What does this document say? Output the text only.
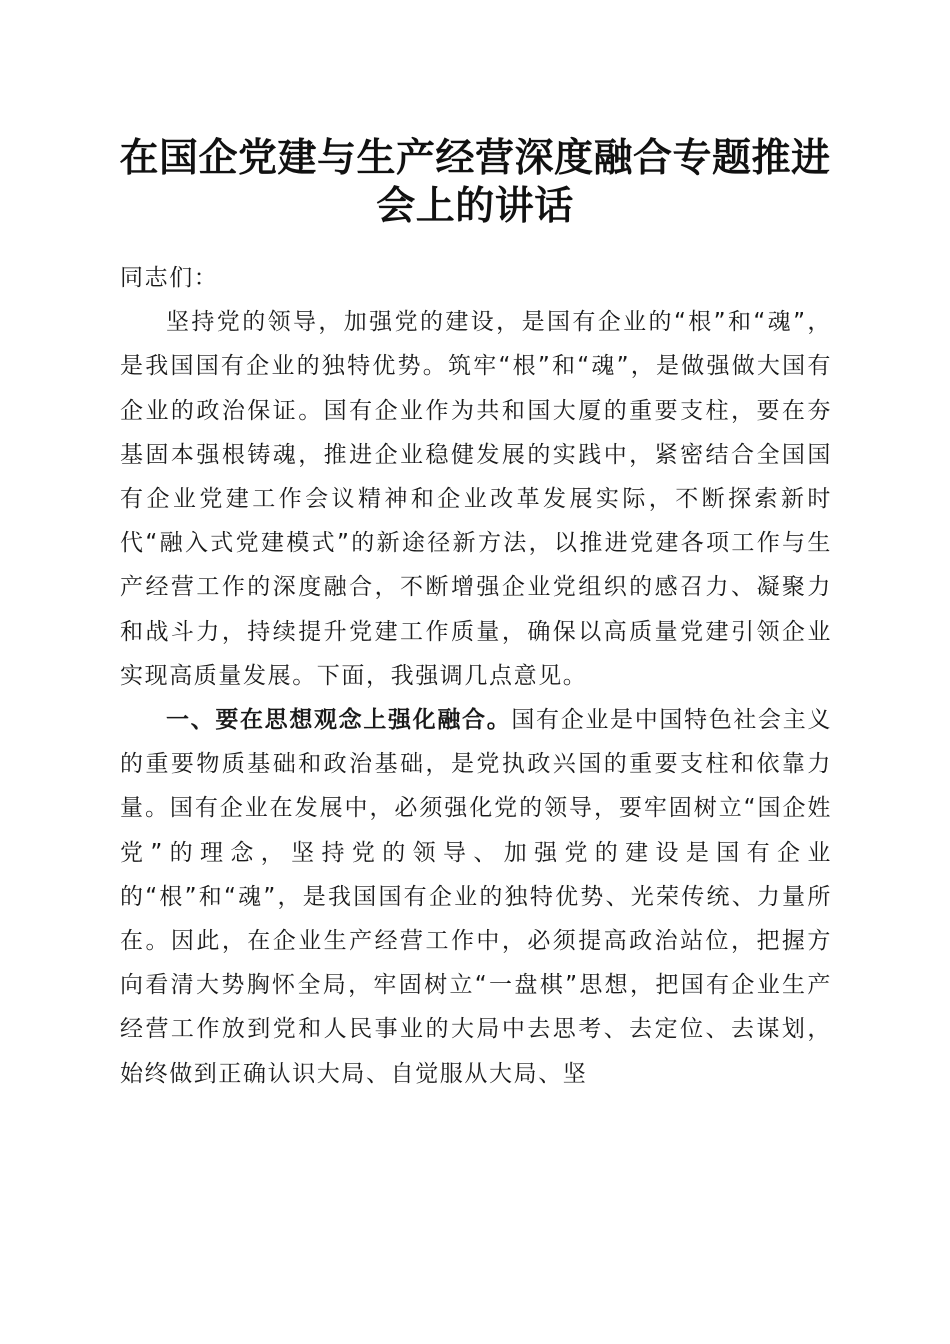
在国企党建与生产经营深度融合专题推进会上的讲话

同志们：

坚持党的领导，加强党的建设，是国有企业的“根”和“魂”，是我国国有企业的独特优势。筑牢“根”和“魂”，是做强做大国有企业的政治保证。国有企业作为共和国大厦的重要支柱，要在夯基固本强根铸魂，推进企业稳健发展的实践中，紧密结合全国国有企业党建工作会议精神和企业改革发展实际，不断探索新时代“融入式党建模式”的新途径新方法，以推进党建各项工作与生产经营工作的深度融合，不断增强企业党组织的感召力、凝聚力和战斗力，持续提升党建工作质量，确保以高质量党建引领企业实现高质量发展。下面，我强调几点意见。

一、要在思想观念上强化融合。国有企业是中国特色社会主义的重要物质基础和政治基础，是党执政兴国的重要支柱和依靠力量。国有企业在发展中，必须强化党的领导，要牢固树立“国企姓党”的理念，坚持党的领导、加强党的建设是国有企业的“根”和“魂”，是我国国有企业的独特优势、光荣传统、力量所在。因此，在企业生产经营工作中，必须提高政治站位，把握方向看清大势胸怀全局，牢固树立“一盘棋”思想，把国有企业生产经营工作放到党和人民事业的大局中去思考、去定位、去谋划，始终做到正确认识大局、自觉服从大局、坚
